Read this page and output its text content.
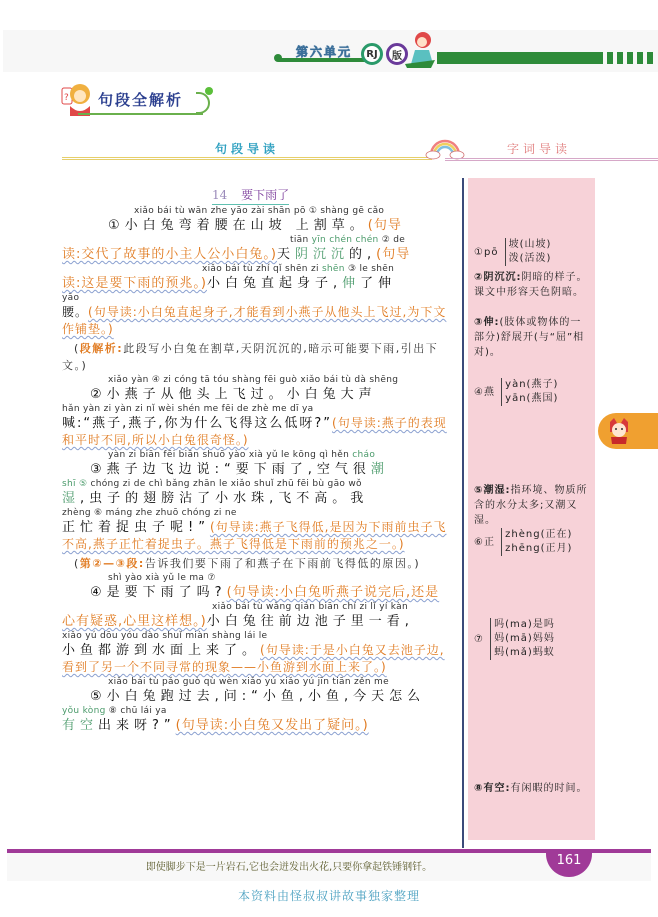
第六单元	RJ	版
? 句段全解析
句段导读	字词导读
14 要下雨了
xiǎo bái tù wān zhe yāo zài shān pō ① shàng gē cǎo
①小白兔弯着腰在山坡 上割草。(句导
tiān yīn chén chén ② de
读:交代了故事的小主人公小白兔。)天阴沉沉的,(句导
xiǎo bái tù zhí qǐ shēn zi shēn ③ le shēn
读:这是要下雨的预兆。)小白兔直起身子,伸了伸
yāo
腰。(句导读:小白兔直起身子,才能看到小燕子从他头上飞过,为下文作铺垫。)
(段解析:此段写小白兔在割草,天阴沉沉的,暗示可能要下雨,引出下文。)
xiǎo yàn ④ zi cóng tā tóu shàng fēi guò xiǎo bái tù dà shēng
②小燕子从他头上飞过。小白兔大声
hǎn yàn zi yàn zi nǐ wèi shén me fēi de zhè me dī ya
喊:“燕子,燕子,你为什么飞得这么低呀?”(句导读:燕子的表现和平时不同,所以小白兔很奇怪。)
yàn zi biān fēi biān shuō yào xià yǔ le kōng qì hěn cháo
③燕子边飞边说:“要下雨了,空气很潮
shī ⑤ chóng zi de chì bǎng zhān le xiǎo shuǐ zhū fēi bù gāo wǒ
湿,虫子的翅膀沾了小水珠,飞不高。我
zhèng ⑥ máng zhe zhuō chóng zi ne
正忙着捉虫子呢!”(句导读:燕子飞得低,是因为下雨前虫子飞不高,燕子正忙着捉虫子。燕子飞得低是下雨前的预兆之一。)
(第②—③段:告诉我们要下雨了和燕子在下雨前飞得低的原因。)
shì yào xià yǔ le ma ⑦
④是要下雨了吗?(句导读:小白兔听燕子说完后,还是
xiǎo bái tù wǎng qián biān chí zi lǐ yí kàn
心有疑惑,心里这样想。)小白兔往前边池子里一看,
xiǎo yú dōu yóu dào shuǐ miàn shàng lái le
小鱼都游到水面上来了。(句导读:于是小白兔又去池子边,看到了另一个不同寻常的现象——小鱼游到水面上来了。)
xiǎo bái tù pǎo guò qù wèn xiǎo yú xiǎo yú jīn tiān zěn me
⑤小白兔跑过去,问:“小鱼,小鱼,今天怎么
yǒu kòng ⑧ chū lái ya
有空出来呀?”(句导读:小白兔又发出了疑问。)
①pō 坡(山坡)
泼(活泼)
②阴沉沉:阴暗的样子。课文中形容天色阴暗。
③伸:(肢体或物体的一部分)舒展开(与“屈”相对)。
④燕 yàn(燕子)
yān(燕国)
⑤潮湿:指环境、物质所含的水分太多;又潮又湿。
⑥正 zhèng(正在)
zhēng(正月)
⑦ 吗(ma)是吗
妈(mā)妈妈
蚂(mǎ)蚂蚁
⑧有空:有闲暇的时间。
即使脚步下是一片岩石,它也会迸发出火花,只要你拿起铁锤钢钎。	161
本资料由怪叔叔讲故事独家整理
